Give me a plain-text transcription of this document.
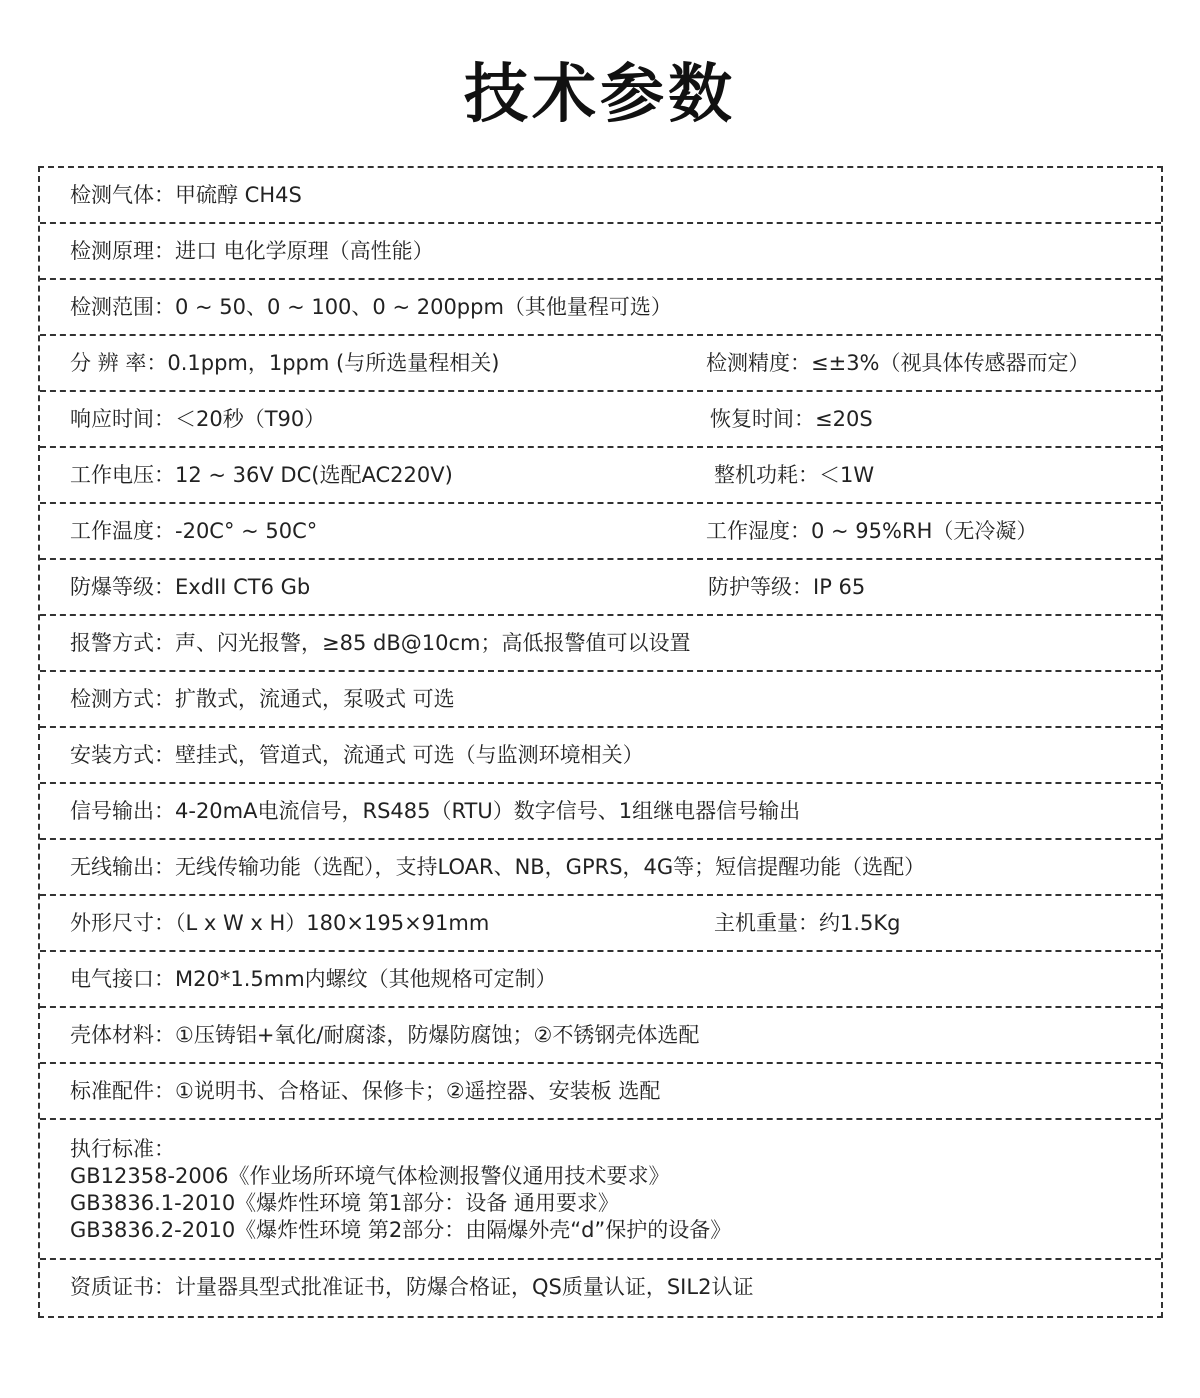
技术参数
检测气体：甲硫醇 CH4S
检测原理：进口 电化学原理（高性能）
检测范围：0 ~ 50、0 ~ 100、0 ~ 200ppm（其他量程可选）
分 辨 率：0.1ppm，1ppm (与所选量程相关)	检测精度：≤±3%（视具体传感器而定）
响应时间：＜20秒（T90）	恢复时间：≤20S
工作电压：12 ~ 36V DC(选配AC220V)	整机功耗：＜1W
工作温度：-20C° ~ 50C°	工作湿度：0 ~ 95%RH（无冷凝）
防爆等级：ExdII CT6 Gb	防护等级：IP 65
报警方式：声、闪光报警，≥85 dB@10cm；高低报警值可以设置
检测方式：扩散式，流通式，泵吸式 可选
安装方式：壁挂式，管道式，流通式 可选（与监测环境相关）
信号输出：4-20mA电流信号，RS485（RTU）数字信号、1组继电器信号输出
无线输出：无线传输功能（选配），支持LOAR、NB，GPRS，4G等；短信提醒功能（选配）
外形尺寸：（L x W x H）180×195×91mm	主机重量：约1.5Kg
电气接口：M20*1.5mm内螺纹（其他规格可定制）
壳体材料：①压铸铝+氧化/耐腐漆，防爆防腐蚀；②不锈钢壳体选配
标准配件：①说明书、合格证、保修卡；②遥控器、安装板 选配
执行标准：
GB12358-2006《作业场所环境气体检测报警仪通用技术要求》
GB3836.1-2010《爆炸性环境 第1部分：设备 通用要求》
GB3836.2-2010《爆炸性环境 第2部分：由隔爆外壳“d”保护的设备》
资质证书：计量器具型式批准证书，防爆合格证，QS质量认证，SIL2认证
